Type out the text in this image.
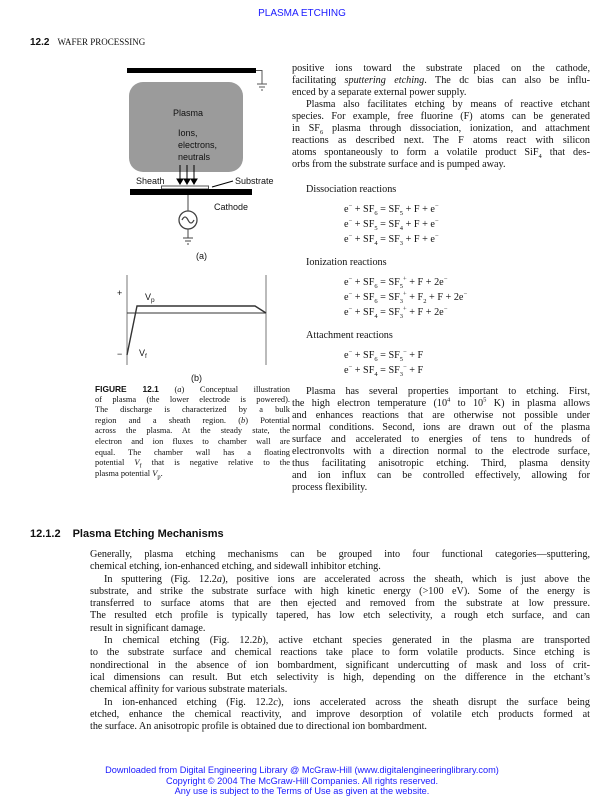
PLASMA ETCHING
12.2 WAFER PROCESSING
Plasma
Ions,
electrons,
neutrals
Sheath	Substrate
Cathode
(a)
+
−
$V_p$
$V_f$
(b)
FIGURE 12.1 (a) Conceptual illustration
of plasma (the lower electrode is powered).
The discharge is characterized by a bulk
region and a sheath region. (b) Potential
across the plasma. At the steady state, the
electron and ion fluxes to chamber wall are
equal. The chamber wall has a floating
potential $V_f$ that is negative relative to the
plasma potential $V_p$.
positive ions toward the substrate placed on the cathode,
facilitating sputtering etching. The dc bias can also be influ-
enced by a separate external power supply.
Plasma also facilitates etching by means of reactive etchant
species. For example, free fluorine (F) atoms can be generated
in $SF_6$ plasma through dissociation, ionization, and attachment
reactions as described next. The F atoms react with silicon
atoms spontaneously to form a volatile product SiF$_4$ that des-
orbs from the substrate surface and is pumped away.
Dissociation reactions
$e^- + SF_6 = SF_5 + F + e^-$
$e^- + SF_5 = SF_4 + F + e^-$
$e^- + SF_4 = SF_3 + F + e^-$
Ionization reactions
$e^- + SF_6 = SF_5^+ + F + 2e^-$
$e^- + SF_6 = SF_3^+ + F_2 + F + 2e^-$
$e^- + SF_4 = SF_3^+ + F + 2e^-$
Attachment reactions
$e^- + SF_6 = SF_5^- + F$
$e^- + SF_4 = SF_3^- + F$
Plasma has several properties important to etching. First,
the high electron temperature ($10^4$ to $10^5$ K) in plasma allows
and enhances reactions that are otherwise not possible under
normal conditions. Second, ions are drawn out of the plasma
surface and accelerated to energies of tens to hundreds of
electronvolts with a direction normal to the electrode surface,
thus facilitating anisotropic etching. Third, plasma density
and ion influx can be controlled effectively, allowing for
process flexibility.
12.1.2 Plasma Etching Mechanisms
Generally, plasma etching mechanisms can be grouped into four functional categories—sputtering,
chemical etching, ion-enhanced etching, and sidewall inhibitor etching.
In sputtering (Fig. 12.2a), positive ions are accelerated across the sheath, which is just above the
substrate, and strike the substrate surface with high kinetic energy (>100 eV). Some of the energy is
transferred to surface atoms that are then ejected and removed from the substrate at low pressure.
The resulted etch profile is typically tapered, has low etch selectivity, a rough etch surface, and can
result in significant damage.
In chemical etching (Fig. 12.2b), active etchant species generated in the plasma are transported
to the substrate surface and chemical reactions take place to form volatile products. Since etching is
nondirectional in the absence of ion bombardment, significant undercutting of mask and loss of crit-
ical dimensions can result. But etch selectivity is high, depending on the difference in the etchant’s
chemical affinity for various substrate materials.
In ion-enhanced etching (Fig. 12.2c), ions accelerated across the sheath disrupt the surface being
etched, enhance the chemical reactivity, and improve desorption of volatile etch products formed at
the surface. An anisotropic profile is obtained due to directional ion bombardment.
Downloaded from Digital Engineering Library @ McGraw-Hill (www.digitalengineeringlibrary.com)
Copyright © 2004 The McGraw-Hill Companies. All rights reserved.
Any use is subject to the Terms of Use as given at the website.
